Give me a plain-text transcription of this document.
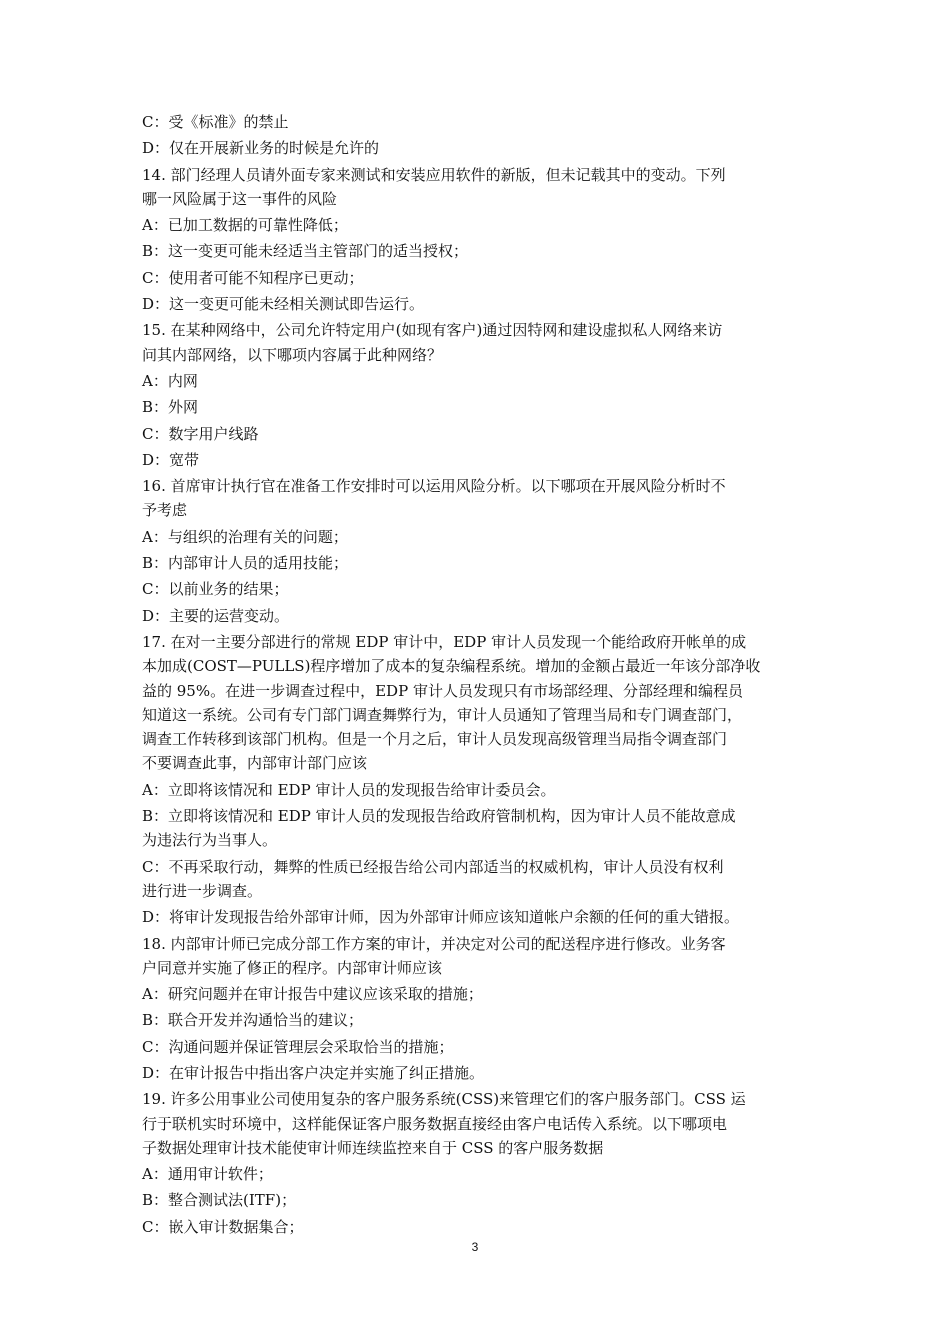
C：受《标准》的禁止
D：仅在开展新业务的时候是允许的
14. 部门经理人员请外面专家来测试和安装应用软件的新版，但未记载其中的变动。下列
哪一风险属于这一事件的风险
A：已加工数据的可靠性降低；
B：这一变更可能未经适当主管部门的适当授权；
C：使用者可能不知程序已更动；
D：这一变更可能未经相关测试即告运行。
15. 在某种网络中，公司允许特定用户(如现有客户)通过因特网和建设虚拟私人网络来访
问其内部网络，以下哪项内容属于此种网络？
A：内网
B：外网
C：数字用户线路
D：宽带
16. 首席审计执行官在准备工作安排时可以运用风险分析。以下哪项在开展风险分析时不
予考虑
A：与组织的治理有关的问题；
B：内部审计人员的适用技能；
C：以前业务的结果；
D：主要的运营变动。
17. 在对一主要分部进行的常规 EDP 审计中，EDP 审计人员发现一个能给政府开帐单的成
本加成(COST—PULLS)程序增加了成本的复杂编程系统。增加的金额占最近一年该分部净收
益的 95%。在进一步调查过程中，EDP 审计人员发现只有市场部经理、分部经理和编程员
知道这一系统。公司有专门部门调查舞弊行为，审计人员通知了管理当局和专门调查部门，
调查工作转移到该部门机构。但是一个月之后，审计人员发现高级管理当局指令调查部门
不要调查此事，内部审计部门应该
A：立即将该情况和 EDP 审计人员的发现报告给审计委员会。
B：立即将该情况和 EDP 审计人员的发现报告给政府管制机构，因为审计人员不能故意成
为违法行为当事人。
C：不再采取行动，舞弊的性质已经报告给公司内部适当的权威机构，审计人员没有权利
进行进一步调查。
D：将审计发现报告给外部审计师，因为外部审计师应该知道帐户余额的任何的重大错报。
18. 内部审计师已完成分部工作方案的审计，并决定对公司的配送程序进行修改。业务客
户同意并实施了修正的程序。内部审计师应该
A：研究问题并在审计报告中建议应该采取的措施；
B：联合开发并沟通恰当的建议；
C：沟通问题并保证管理层会采取恰当的措施；
D：在审计报告中指出客户决定并实施了纠正措施。
19. 许多公用事业公司使用复杂的客户服务系统(CSS)来管理它们的客户服务部门。CSS 运
行于联机实时环境中，这样能保证客户服务数据直接经由客户电话传入系统。以下哪项电
子数据处理审计技术能使审计师连续监控来自于 CSS 的客户服务数据
A：通用审计软件；
B：整合测试法(ITF)；
C：嵌入审计数据集合；
3
